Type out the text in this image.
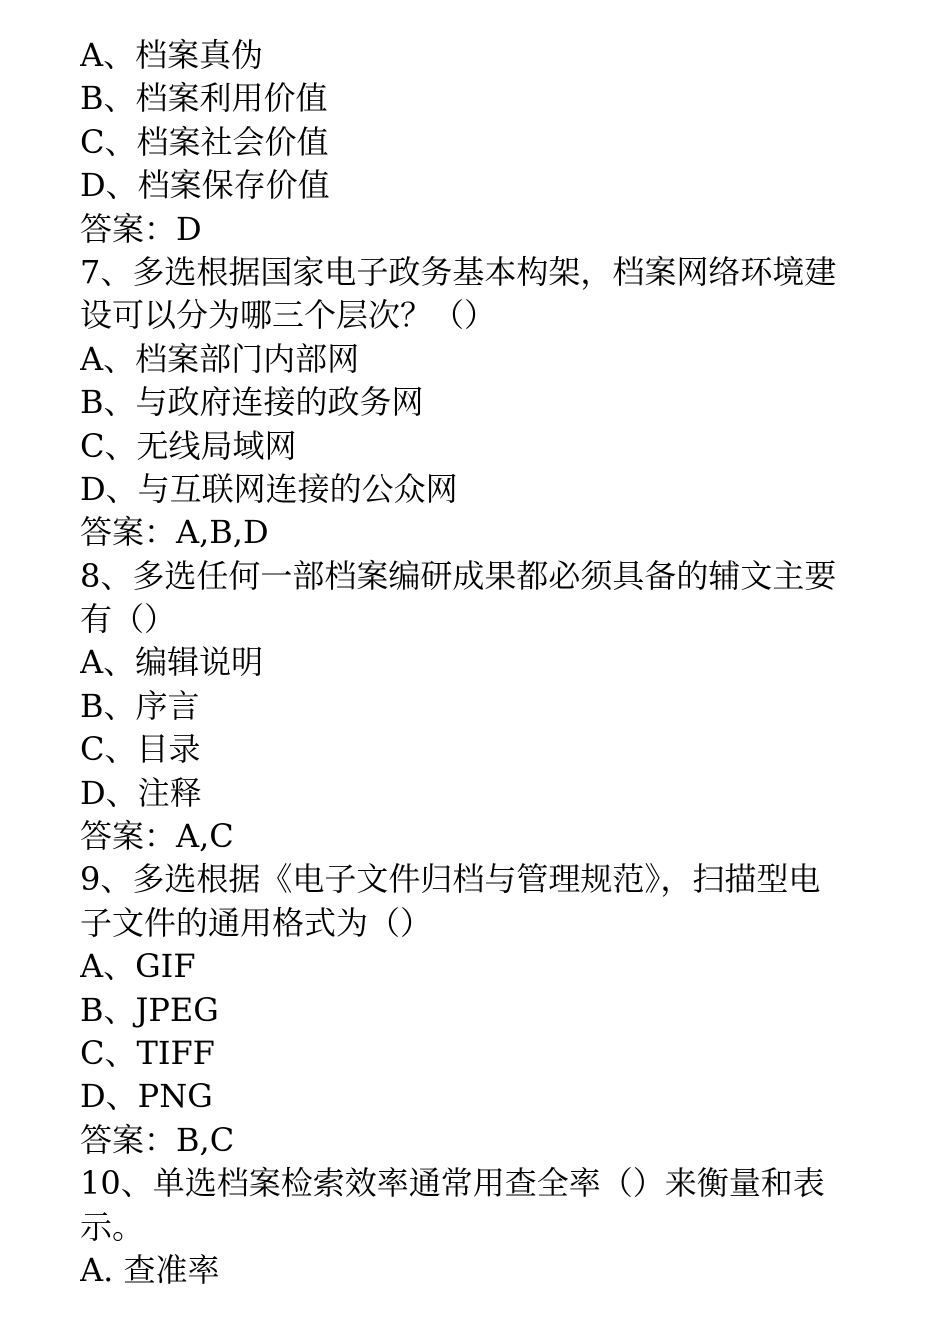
A、档案真伪
B、档案利用价值
C、档案社会价值
D、档案保存价值
答案：D
7、多选根据国家电子政务基本构架，档案网络环境建
设可以分为哪三个层次？（）
A、档案部门内部网
B、与政府连接的政务网
C、无线局域网
D、与互联网连接的公众网
答案：A,B,D
8、多选任何一部档案编研成果都必须具备的辅文主要
有（）
A、编辑说明
B、序言
C、目录
D、注释
答案：A,C
9、多选根据《电子文件归档与管理规范》，扫描型电
子文件的通用格式为（）
A、GIF
B、JPEG
C、TIFF
D、PNG
答案：B,C
10、单选档案检索效率通常用查全率（）来衡量和表
示。
A. 查准率
